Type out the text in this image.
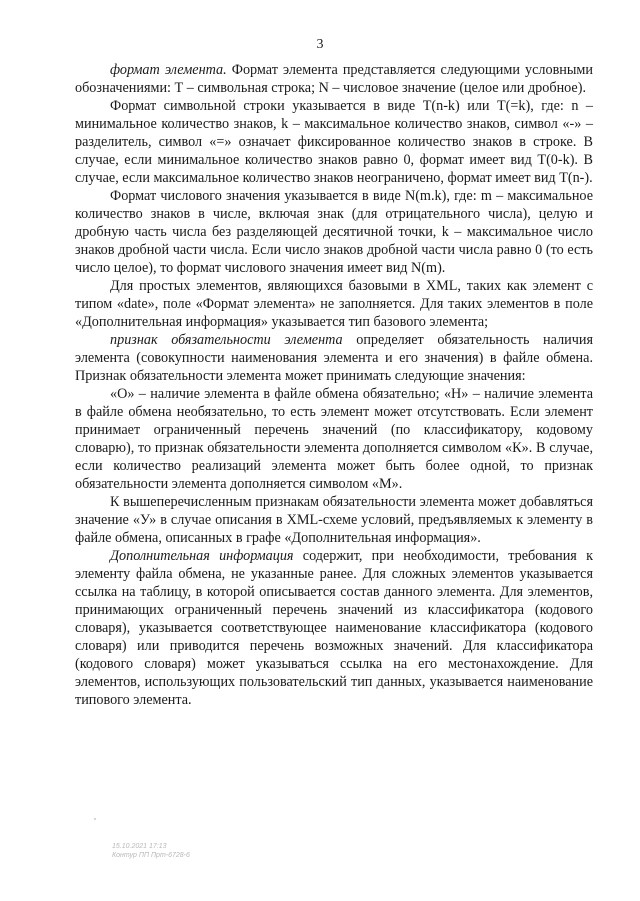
3

формат элемента. Формат элемента представляется следующими условными обозначениями: Т – символьная строка; N – числовое значение (целое или дробное).

Формат символьной строки указывается в виде T(n-k) или T(=k), где: n – минимальное количество знаков, k – максимальное количество знаков, символ «-» – разделитель, символ «=» означает фиксированное количество знаков в строке. В случае, если минимальное количество знаков равно 0, формат имеет вид Т(0-k). В случае, если максимальное количество знаков неограничено, формат имеет вид T(n-).

Формат числового значения указывается в виде N(m.k), где: m – максимальное количество знаков в числе, включая знак (для отрицательного числа), целую и дробную часть числа без разделяющей десятичной точки, k – максимальное число знаков дробной части числа. Если число знаков дробной части числа равно 0 (то есть число целое), то формат числового значения имеет вид N(m).

Для простых элементов, являющихся базовыми в XML, таких как элемент с типом «date», поле «Формат элемента» не заполняется. Для таких элементов в поле «Дополнительная информация» указывается тип базового элемента;

признак обязательности элемента определяет обязательность наличия элемента (совокупности наименования элемента и его значения) в файле обмена. Признак обязательности элемента может принимать следующие значения:

«О» – наличие элемента в файле обмена обязательно; «Н» – наличие элемента в файле обмена необязательно, то есть элемент может отсутствовать. Если элемент принимает ограниченный перечень значений (по классификатору, кодовому словарю), то признак обязательности элемента дополняется символом «К». В случае, если количество реализаций элемента может быть более одной, то признак обязательности элемента дополняется символом «М».

К вышеперечисленным признакам обязательности элемента может добавляться значение «У» в случае описания в XML-схеме условий, предъявляемых к элементу в файле обмена, описанных в графе «Дополнительная информация».

Дополнительная информация содержит, при необходимости, требования к элементу файла обмена, не указанные ранее. Для сложных элементов указывается ссылка на таблицу, в которой описывается состав данного элемента. Для элементов, принимающих ограниченный перечень значений из классификатора (кодового словаря), указывается соответствующее наименование классификатора (кодового словаря) или приводится перечень возможных значений. Для классификатора (кодового словаря) может указываться ссылка на его местонахождение. Для элементов, использующих пользовательский тип данных, указывается наименование типового элемента.

15.10.2021 17:13
Контур ПП Прт-6728-6
